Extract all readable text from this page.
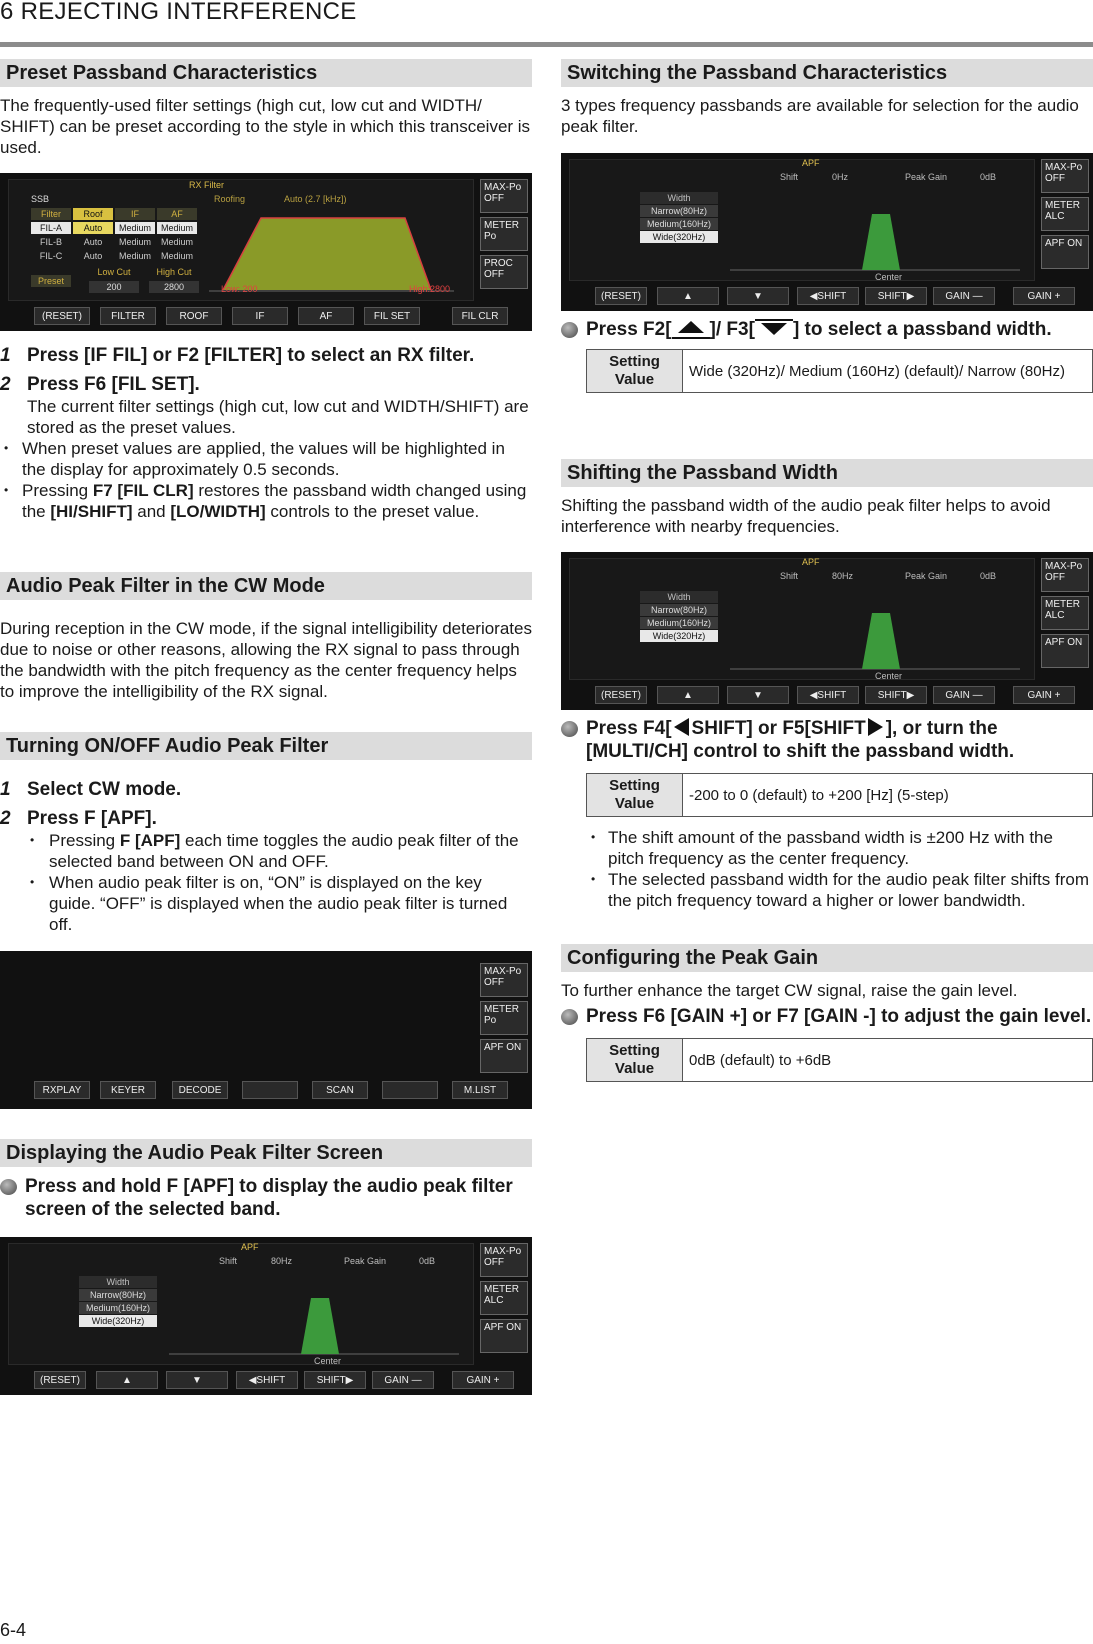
6 REJECTING INTERFERENCE
Preset Passband Characteristics

The frequently-used filter settings (high cut, low cut and WIDTH/ SHIFT) can be preset according to the style in which this transceiver is used.

RX Filter
SSB	Roofing	Auto (2.7 [kHz])
Filter	Roof	IF	AF
FIL-A	Auto	Medium	Medium
FIL-B	Auto	Medium	Medium
FIL-C	Auto	Medium	Medium
Preset
Low Cut	High Cut
200	2800	Low: 200	High:2800
MAX-Po OFF
METER Po
PROC OFF
(RESET)	FILTER	ROOF	IF	AF	FIL SET	FIL CLR
1 Press [IF FIL] or F2 [FILTER] to select an RX filter.
2 Press F6 [FIL SET].
The current filter settings (high cut, low cut and WIDTH/SHIFT) are stored as the preset values.
• When preset values are applied, the values will be highlighted in the display for approximately 0.5 seconds.
• Pressing F7 [FIL CLR] restores the passband width changed using the [HI/SHIFT] and [LO/WIDTH] controls to the preset value.
Audio Peak Filter in the CW Mode

During reception in the CW mode, if the signal intelligibility deteriorates due to noise or other reasons, allowing the RX signal to pass through the bandwidth with the pitch frequency as the center frequency helps to improve the intelligibility of the RX signal.

Turning ON/OFF Audio Peak Filter
1 Select CW mode.
2 Press F [APF].
• Pressing F [APF] each time toggles the audio peak filter of the selected band between ON and OFF.
• When audio peak filter is on, “ON” is displayed on the key guide. “OFF” is displayed when the audio peak filter is turned off.
MAX-Po OFF
METER Po
APF ON
RXPLAY	KEYER	DECODE	SCAN	M.LIST
Displaying the Audio Peak Filter Screen
Press and hold F [APF] to display the audio peak filter screen of the selected band.
APF
Shift	80Hz	Peak Gain	0dB
Width
Narrow(80Hz)
Medium(160Hz)
Wide(320Hz)
Center
MAX-Po OFF
METER ALC
APF ON
(RESET)	▲	▼	◀SHIFT	SHIFT▶	GAIN —	GAIN +
Switching the Passband Characteristics

3 types frequency passbands are available for selection for the audio peak filter.

APF
Shift	0Hz	Peak Gain	0dB
Width
Narrow(80Hz)
Medium(160Hz)
Wide(320Hz)
Center
MAX-Po OFF
METER ALC
APF ON
(RESET)	▲	▼	◀SHIFT	SHIFT▶	GAIN —	GAIN +
Press F2[ ]/ F3[ ] to select a passband width.
Setting Value	Wide (320Hz)/ Medium (160Hz) (default)/ Narrow (80Hz)
Shifting the Passband Width

Shifting the passband width of the audio peak filter helps to avoid interference with nearby frequencies.

APF
Shift	80Hz	Peak Gain	0dB
Width
Narrow(80Hz)
Medium(160Hz)
Wide(320Hz)
Center
MAX-Po OFF
METER ALC
APF ON
(RESET)	▲	▼	◀SHIFT	SHIFT▶	GAIN —	GAIN +
Press F4[ SHIFT] or F5[SHIFT ], or turn the [MULTI/CH] control to shift the passband width.
Setting Value	-200 to 0 (default) to +200 [Hz] (5-step)
• The shift amount of the passband width is ±200 Hz with the pitch frequency as the center frequency.
• The selected passband width for the audio peak filter shifts from the pitch frequency toward a higher or lower bandwidth.
Configuring the Peak Gain

To further enhance the target CW signal, raise the gain level.

Press F6 [GAIN +] or F7 [GAIN -] to adjust the gain level.
Setting Value	0dB (default) to +6dB
6-4
